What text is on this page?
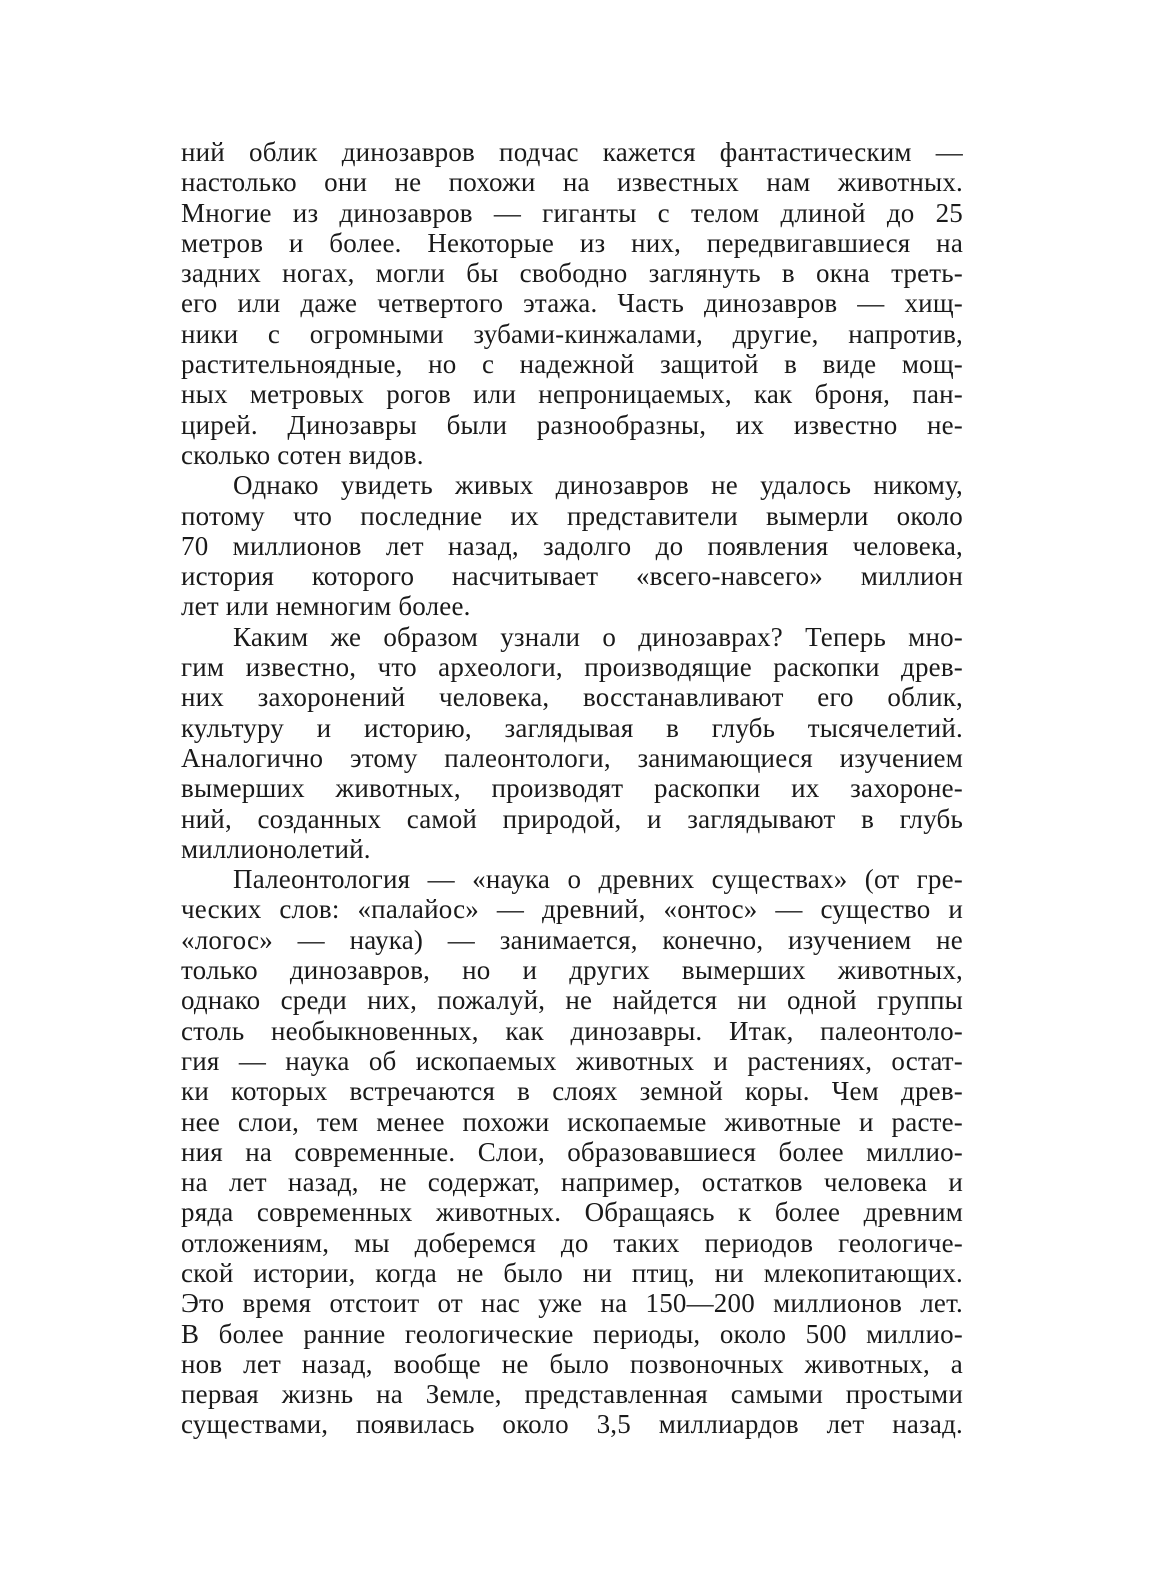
ний облик динозавров подчас кажется фантастическим —
настолько они не похожи на известных нам животных.
Многие из динозавров — гиганты с телом длиной до 25
метров и более. Некоторые из них, передвигавшиеся на
задних ногах, могли бы свободно заглянуть в окна треть-
его или даже четвертого этажа. Часть динозавров — хищ-
ники с огромными зубами-кинжалами, другие, напротив,
растительноядные, но с надежной защитой в виде мощ-
ных метровых рогов или непроницаемых, как броня, пан-
цирей. Динозавры были разнообразны, их известно не-
сколько сотен видов.
Однако увидеть живых динозавров не удалось никому,
потому что последние их представители вымерли около
70 миллионов лет назад, задолго до появления человека,
история которого насчитывает «всего-навсего» миллион
лет или немногим более.
Каким же образом узнали о динозаврах? Теперь мно-
гим известно, что археологи, производящие раскопки древ-
них захоронений человека, восстанавливают его облик,
культуру и историю, заглядывая в глубь тысячелетий.
Аналогично этому палеонтологи, занимающиеся изучением
вымерших животных, производят раскопки их захороне-
ний, созданных самой природой, и заглядывают в глубь
миллионолетий.
Палеонтология — «наука о древних существах» (от гре-
ческих слов: «палайос» — древний, «онтос» — существо и
«логос» — наука) — занимается, конечно, изучением не
только динозавров, но и других вымерших животных,
однако среди них, пожалуй, не найдется ни одной группы
столь необыкновенных, как динозавры. Итак, палеонтоло-
гия — наука об ископаемых животных и растениях, остат-
ки которых встречаются в слоях земной коры. Чем древ-
нее слои, тем менее похожи ископаемые животные и расте-
ния на современные. Слои, образовавшиеся более миллио-
на лет назад, не содержат, например, остатков человека и
ряда современных животных. Обращаясь к более древним
отложениям, мы доберемся до таких периодов геологиче-
ской истории, когда не было ни птиц, ни млекопитающих.
Это время отстоит от нас уже на 150—200 миллионов лет.
В более ранние геологические периоды, около 500 миллио-
нов лет назад, вообще не было позвоночных животных, а
первая жизнь на Земле, представленная самыми простыми
существами, появилась около 3,5 миллиардов лет назад.
